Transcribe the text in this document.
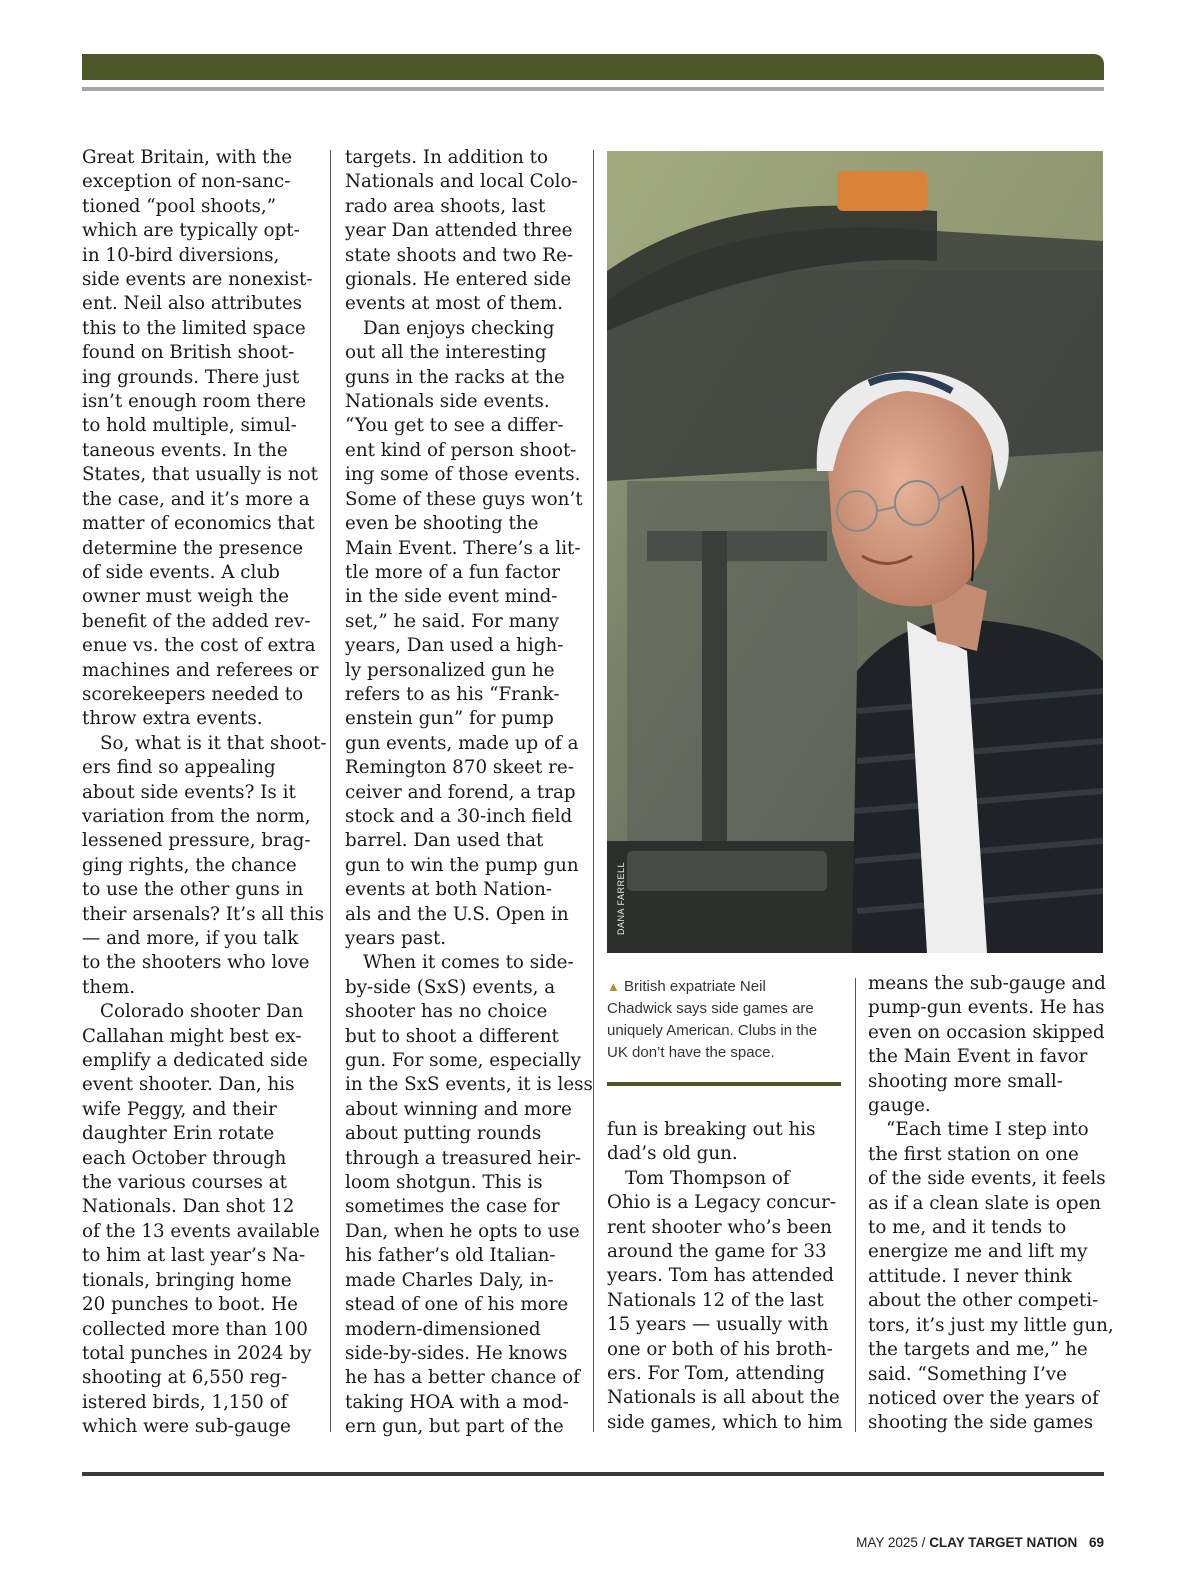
Great Britain, with the
exception of non-sanc-
tioned “pool shoots,”
which are typically opt-
in 10-bird diversions,
side events are nonexist-
ent. Neil also attributes
this to the limited space
found on British shoot-
ing grounds. There just
isn’t enough room there
to hold multiple, simul-
taneous events. In the
States, that usually is not
the case, and it’s more a
matter of economics that
determine the presence
of side events. A club
owner must weigh the
benefit of the added rev-
enue vs. the cost of extra
machines and referees or
scorekeepers needed to
throw extra events.

So, what is it that shoot-
ers find so appealing
about side events? Is it
variation from the norm,
lessened pressure, brag-
ging rights, the chance
to use the other guns in
their arsenals? It’s all this
— and more, if you talk
to the shooters who love
them.

Colorado shooter Dan
Callahan might best ex-
emplify a dedicated side
event shooter. Dan, his
wife Peggy, and their
daughter Erin rotate
each October through
the various courses at
Nationals. Dan shot 12
of the 13 events available
to him at last year’s Na-
tionals, bringing home
20 punches to boot. He
collected more than 100
total punches in 2024 by
shooting at 6,550 reg-
istered birds, 1,150 of
which were sub-gauge

targets. In addition to
Nationals and local Colo-
rado area shoots, last
year Dan attended three
state shoots and two Re-
gionals. He entered side
events at most of them.

Dan enjoys checking
out all the interesting
guns in the racks at the
Nationals side events.
“You get to see a differ-
ent kind of person shoot-
ing some of those events.
Some of these guys won’t
even be shooting the
Main Event. There’s a lit-
tle more of a fun factor
in the side event mind-
set,” he said. For many
years, Dan used a high-
ly personalized gun he
refers to as his “Frank-
enstein gun” for pump
gun events, made up of a
Remington 870 skeet re-
ceiver and forend, a trap
stock and a 30-inch field
barrel. Dan used that
gun to win the pump gun
events at both Nation-
als and the U.S. Open in
years past.

When it comes to side-
by-side (SxS) events, a
shooter has no choice
but to shoot a different
gun. For some, especially
in the SxS events, it is less
about winning and more
about putting rounds
through a treasured heir-
loom shotgun. This is
sometimes the case for
Dan, when he opts to use
his father’s old Italian-
made Charles Daly, in-
stead of one of his more
modern-dimensioned
side-by-sides. He knows
he has a better chance of
taking HOA with a mod-
ern gun, but part of the

DANA FARRELL
▲ British expatriate Neil
Chadwick says side games are
uniquely American. Clubs in the
UK don’t have the space.

fun is breaking out his
dad’s old gun.

Tom Thompson of
Ohio is a Legacy concur-
rent shooter who’s been
around the game for 33
years. Tom has attended
Nationals 12 of the last
15 years — usually with
one or both of his broth-
ers. For Tom, attending
Nationals is all about the
side games, which to him

means the sub-gauge and
pump-gun events. He has
even on occasion skipped
the Main Event in favor
shooting more small-
gauge.

“Each time I step into
the first station on one
of the side events, it feels
as if a clean slate is open
to me, and it tends to
energize me and lift my
attitude. I never think
about the other competi-
tors, it’s just my little gun,
the targets and me,” he
said. “Something I’ve
noticed over the years of
shooting the side games

MAY 2025 / CLAY TARGET NATION 69
